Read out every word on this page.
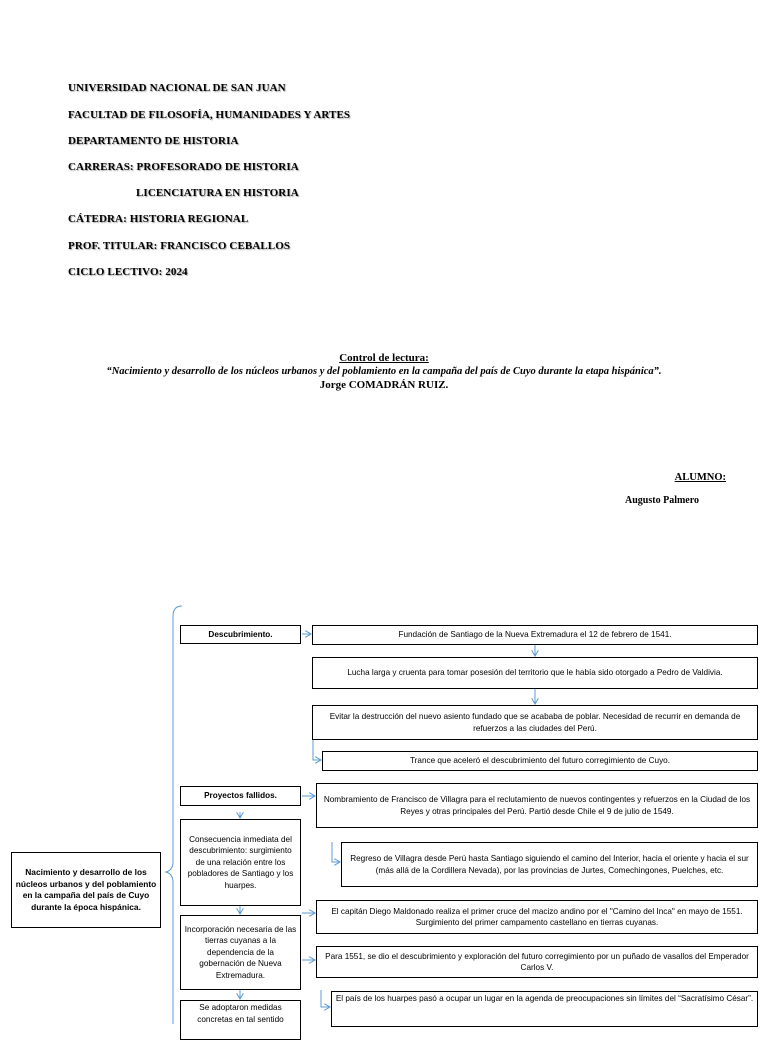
UNIVERSIDAD NACIONAL DE SAN JUAN
FACULTAD DE FILOSOFÍA, HUMANIDADES Y ARTES
DEPARTAMENTO DE HISTORIA
CARRERAS: PROFESORADO DE HISTORIA
LICENCIATURA EN HISTORIA
CÁTEDRA: HISTORIA REGIONAL
PROF. TITULAR: FRANCISCO CEBALLOS
CICLO LECTIVO: 2024
Control de lectura:
“Nacimiento y desarrollo de los núcleos urbanos y del poblamiento en la campaña del país de Cuyo durante la etapa hispánica”.
Jorge COMADRÁN RUIZ.
ALUMNO:
Augusto Palmero
Nacimiento y desarrollo de los núcleos urbanos y del poblamiento en la campaña del país de Cuyo durante la época hispánica.
Descubrimiento.
Proyectos fallidos.
Consecuencia inmediata del descubrimiento: surgimiento de una relación entre los pobladores de Santiago y los huarpes.
Incorporación necesaria de las tierras cuyanas a la dependencia de la gobernación de Nueva Extremadura.
Se adoptaron medidas concretas en tal sentido
Fundación de Santiago de la Nueva Extremadura el 12 de febrero de 1541.
Lucha larga y cruenta para tomar posesión del territorio que le había sido otorgado a Pedro de Valdivia.
Evitar la destrucción del nuevo asiento fundado que se acababa de poblar. Necesidad de recurrir en demanda de refuerzos a las ciudades del Perú.
Trance que aceleró el descubrimiento del futuro corregimiento de Cuyo.
Nombramiento de Francisco de Villagra para el reclutamiento de nuevos contingentes y refuerzos en la Ciudad de los Reyes y otras principales del Perú. Partió desde Chile el 9 de julio de 1549.
Regreso de Villagra desde Perú hasta Santiago siguiendo el camino del Interior, hacia el oriente y hacia el sur (más allá de la Cordillera Nevada), por las provincias de Jurtes, Comechingones, Puelches, etc.
El capitán Diego Maldonado realiza el primer cruce del macizo andino por el "Camino del Inca" en mayo de 1551. Surgimiento del primer campamento castellano en tierras cuyanas.
Para 1551, se dio el descubrimiento y exploración del futuro corregimiento por un puñado de vasallos del Emperador Carlos V.
El país de los huarpes pasó a ocupar un lugar en la agenda de preocupaciones sin límites del “Sacratísimo César”.
